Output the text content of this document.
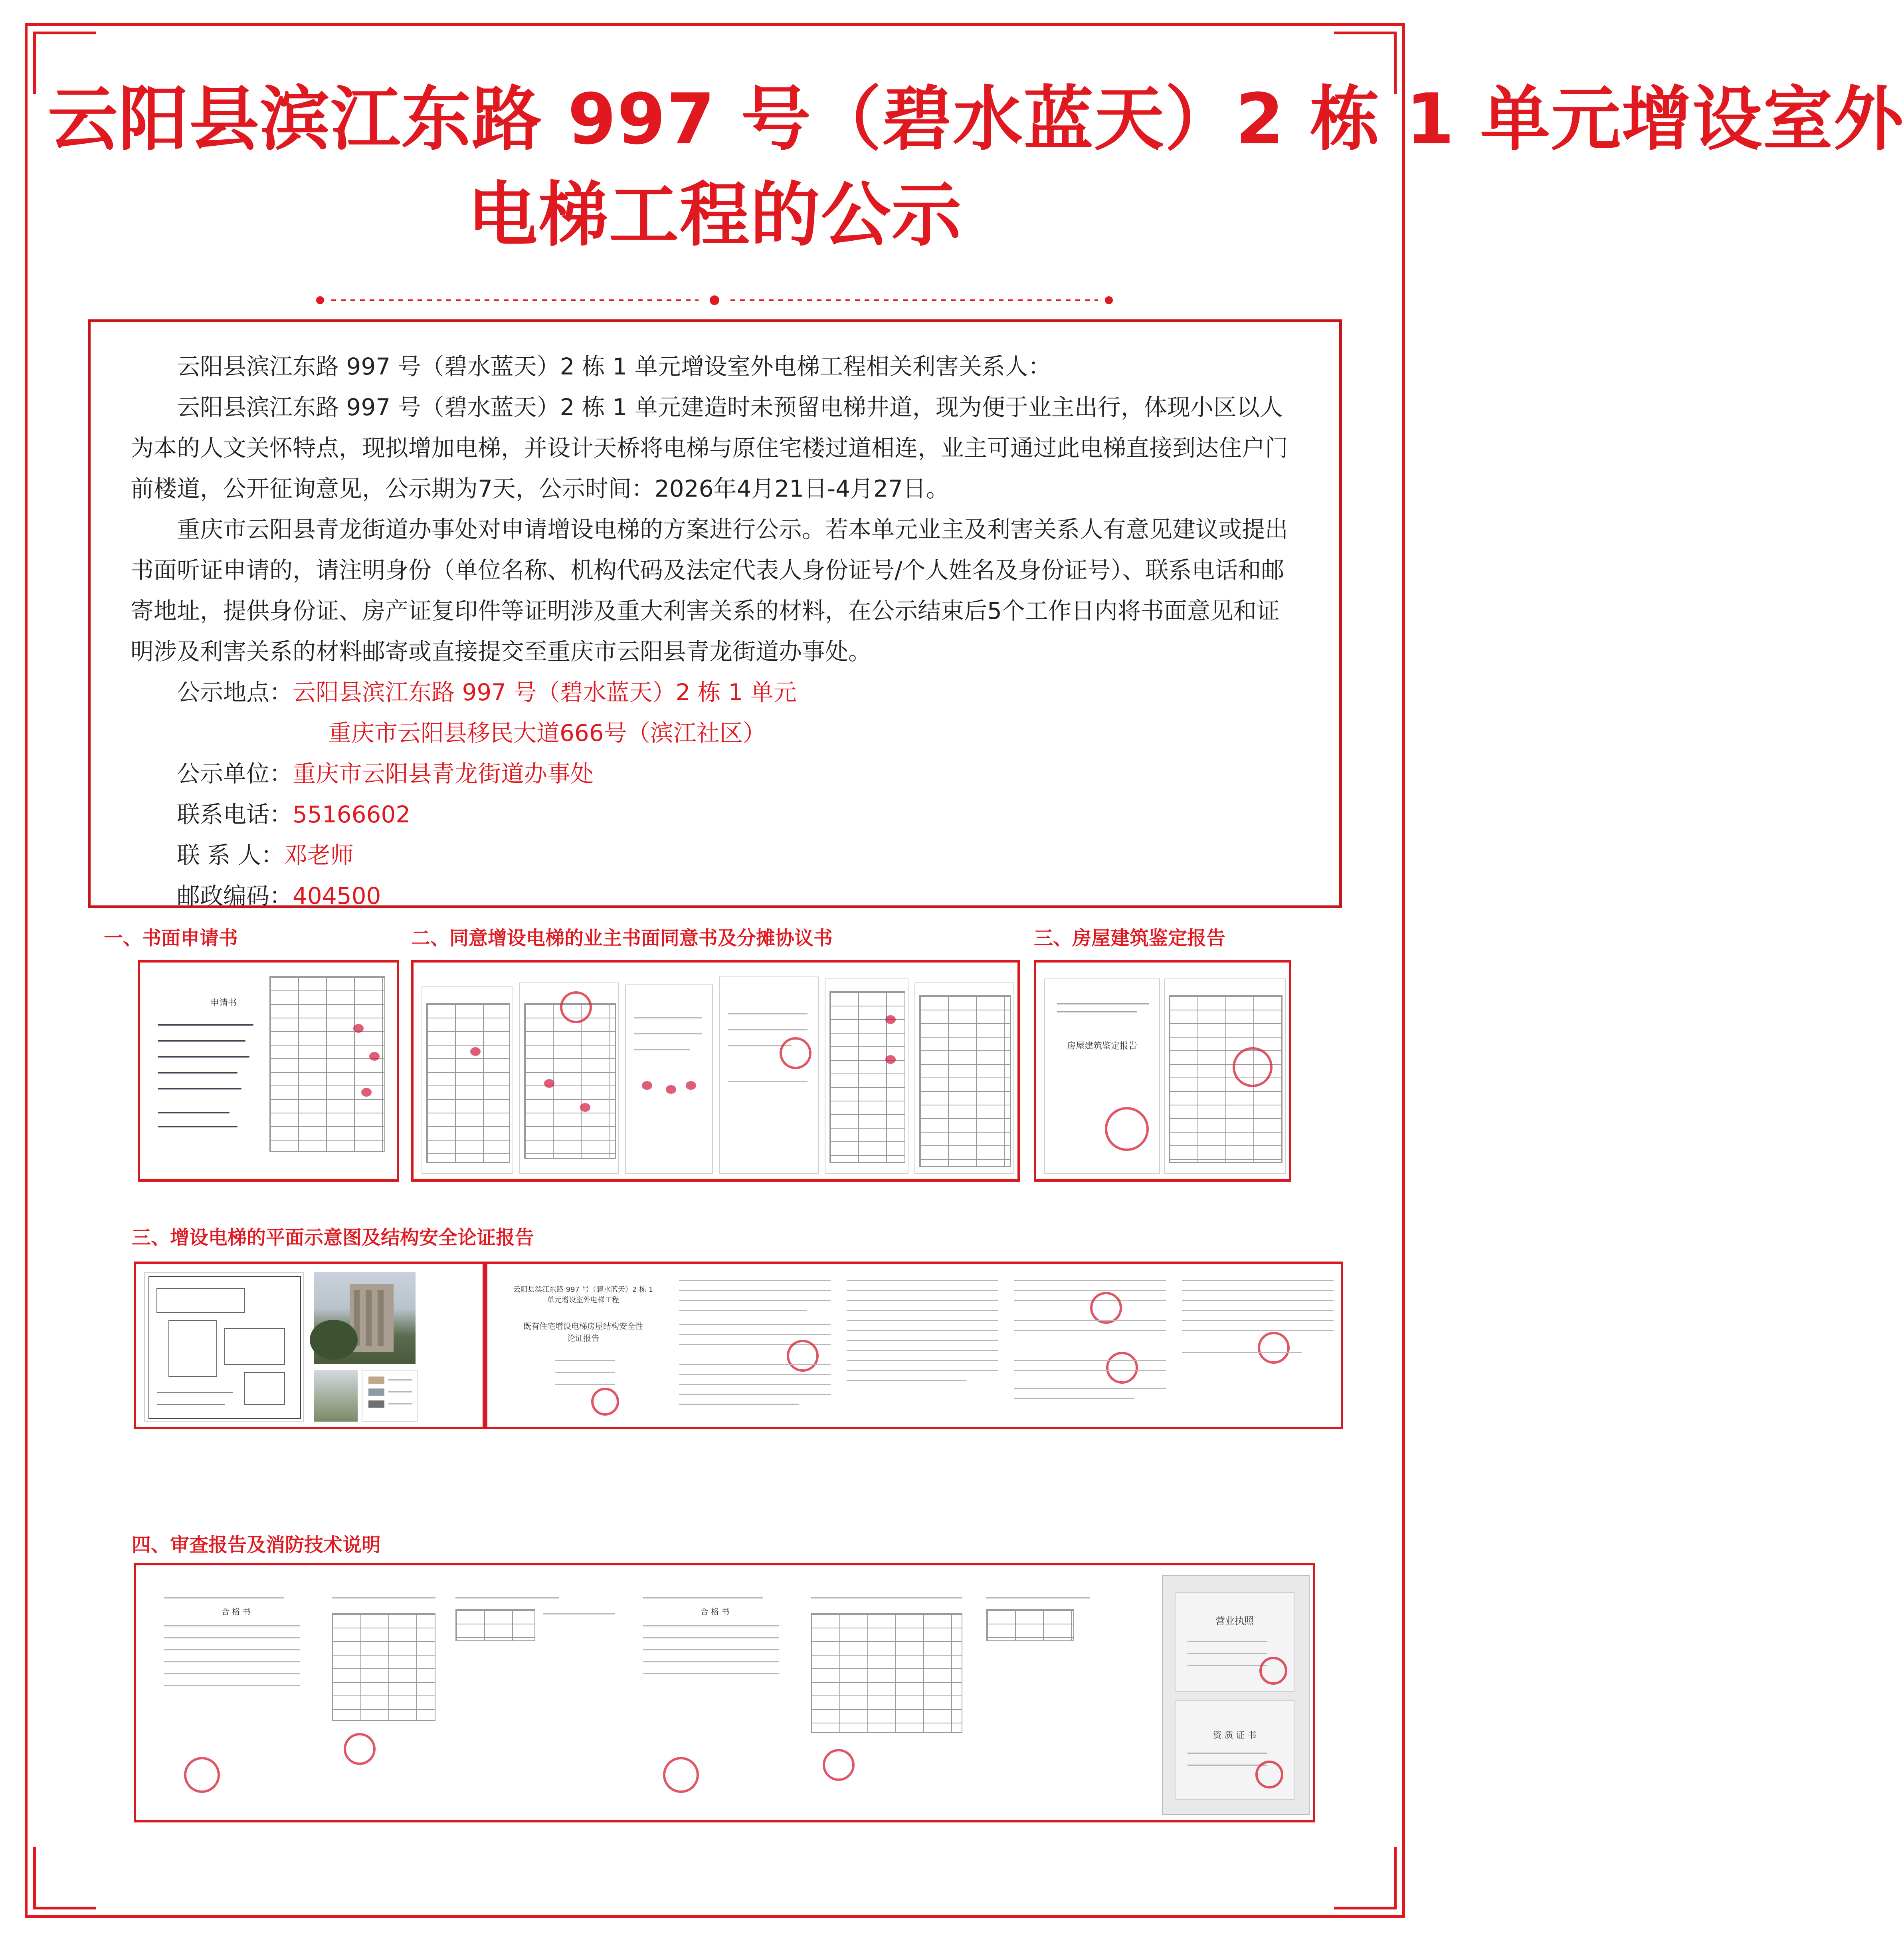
云阳县滨江东路 997 号（碧水蓝天）2 栋 1 单元增设室外
电梯工程的公示

云阳县滨江东路 997 号（碧水蓝天）2 栋 1 单元增设室外电梯工程相关利害关系人：

云阳县滨江东路 997 号（碧水蓝天）2 栋 1 单元建造时未预留电梯井道，现为便于业主出行，体现小区以人为本的人文关怀特点，现拟增加电梯，并设计天桥将电梯与原住宅楼过道相连，业主可通过此电梯直接到达住户门前楼道，公开征询意见，公示期为7天，公示时间：2026年4月21日-4月27日。

重庆市云阳县青龙街道办事处对申请增设电梯的方案进行公示。若本单元业主及利害关系人有意见建议或提出书面听证申请的，请注明身份（单位名称、机构代码及法定代表人身份证号/个人姓名及身份证号）、联系电话和邮寄地址，提供身份证、房产证复印件等证明涉及重大利害关系的材料，在公示结束后5个工作日内将书面意见和证明涉及利害关系的材料邮寄或直接提交至重庆市云阳县青龙街道办事处。

公示地点：云阳县滨江东路 997 号（碧水蓝天）2 栋 1 单元

重庆市云阳县移民大道666号（滨江社区）

公示单位：重庆市云阳县青龙街道办事处

联系电话：55166602

联 系 人：邓老师

邮政编码：404500

一、书面申请书	二、同意增设电梯的业主书面同意书及分摊协议书	三、房屋建筑鉴定报告
申请书
房屋建筑鉴定报告
三、增设电梯的平面示意图及结构安全论证报告
云阳县滨江东路 997 号（碧水蓝天）2 栋 1 单元增设室外电梯工程
既有住宅增设电梯房屋结构安全性
论证报告
四、审查报告及消防技术说明
合 格 书	合 格 书
营业执照
资 质 证 书
